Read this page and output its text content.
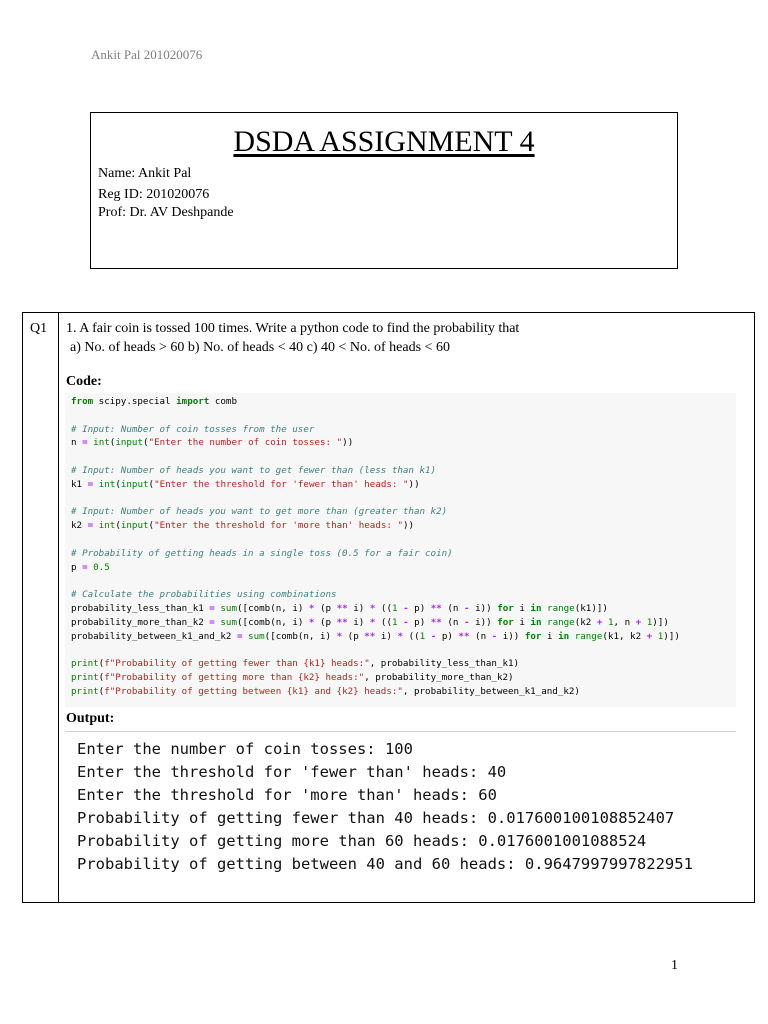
Ankit Pal 201020076
DSDA ASSIGNMENT 4
Name: Ankit Pal
Reg ID: 201020076
Prof: Dr. AV Deshpande
Q1 1. A fair coin is tossed 100 times. Write a python code to find the probability that
a) No. of heads > 60 b) No. of heads < 40 c) 40 < No. of heads < 60
Code:
from scipy.special import comb
# Input: Number of coin tosses from the user
n = int(input("Enter the number of coin tosses: "))
# Input: Number of heads you want to get fewer than (less than k1)
k1 = int(input("Enter the threshold for 'fewer than' heads: "))
# Input: Number of heads you want to get more than (greater than k2)
k2 = int(input("Enter the threshold for 'more than' heads: "))
# Probability of getting heads in a single toss (0.5 for a fair coin)
p = 0.5
# Calculate the probabilities using combinations
probability_less_than_k1 = sum([comb(n, i) * (p ** i) * ((1 - p) ** (n - i)) for i in range(k1)])
probability_more_than_k2 = sum([comb(n, i) * (p ** i) * ((1 - p) ** (n - i)) for i in range(k2 + 1, n + 1)])
probability_between_k1_and_k2 = sum([comb(n, i) * (p ** i) * ((1 - p) ** (n - i)) for i in range(k1, k2 + 1)])
print(f"Probability of getting fewer than {k1} heads:", probability_less_than_k1)
print(f"Probability of getting more than {k2} heads:", probability_more_than_k2)
print(f"Probability of getting between {k1} and {k2} heads:", probability_between_k1_and_k2)
Output:
Enter the number of coin tosses: 100
Enter the threshold for 'fewer than' heads: 40
Enter the threshold for 'more than' heads: 60
Probability of getting fewer than 40 heads: 0.017600100108852407
Probability of getting more than 60 heads: 0.0176001001088524
Probability of getting between 40 and 60 heads: 0.9647997997822951
1
